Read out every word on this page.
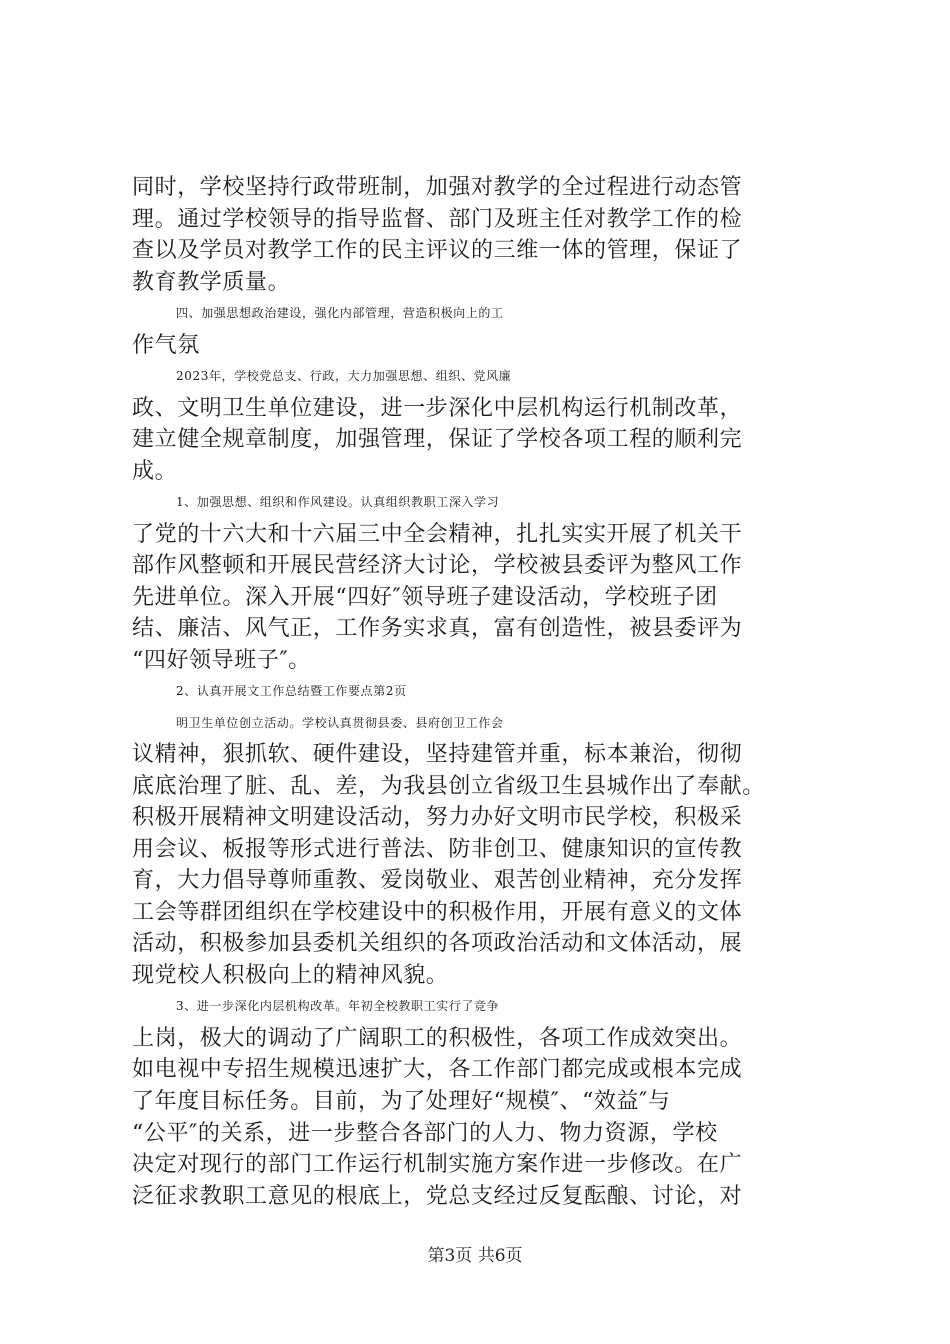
同时，学校坚持行政带班制，加强对教学的全过程进行动态管
理。通过学校领导的指导监督、部门及班主任对教学工作的检
查以及学员对教学工作的民主评议的三维一体的管理，保证了
教育教学质量。
四、加强思想政治建设，强化内部管理，营造积极向上的工
作气氛
2023年，学校党总支、行政，大力加强思想、组织、党风廉
政、文明卫生单位建设，进一步深化中层机构运行机制改革，
建立健全规章制度，加强管理，保证了学校各项工程的顺利完
成。
1、加强思想、组织和作风建设。认真组织教职工深入学习
了党的十六大和十六届三中全会精神，扎扎实实开展了机关干
部作风整顿和开展民营经济大讨论，学校被县委评为整风工作
先进单位。深入开展“四好″领导班子建设活动，学校班子团
结、廉洁、风气正，工作务实求真，富有创造性，被县委评为
“四好领导班子″。
2、认真开展文工作总结暨工作要点第2页
明卫生单位创立活动。学校认真贯彻县委、县府创卫工作会
议精神，狠抓软、硬件建设，坚持建管并重，标本兼治，彻彻
底底治理了脏、乱、差，为我县创立省级卫生县城作出了奉献。
积极开展精神文明建设活动，努力办好文明市民学校，积极采
用会议、板报等形式进行普法、防非创卫、健康知识的宣传教
育，大力倡导尊师重教、爱岗敬业、艰苦创业精神，充分发挥
工会等群团组织在学校建设中的积极作用，开展有意义的文体
活动，积极参加县委机关组织的各项政治活动和文体活动，展
现党校人积极向上的精神风貌。
3、进一步深化内层机构改革。年初全校教职工实行了竞争
上岗，极大的调动了广阔职工的积极性，各项工作成效突出。
如电视中专招生规模迅速扩大，各工作部门都完成或根本完成
了年度目标任务。目前，为了处理好“规模″、“效益″与
“公平″的关系，进一步整合各部门的人力、物力资源，学校
决定对现行的部门工作运行机制实施方案作进一步修改。在广
泛征求教职工意见的根底上，党总支经过反复酝酿、讨论，对
第3页 共6页
